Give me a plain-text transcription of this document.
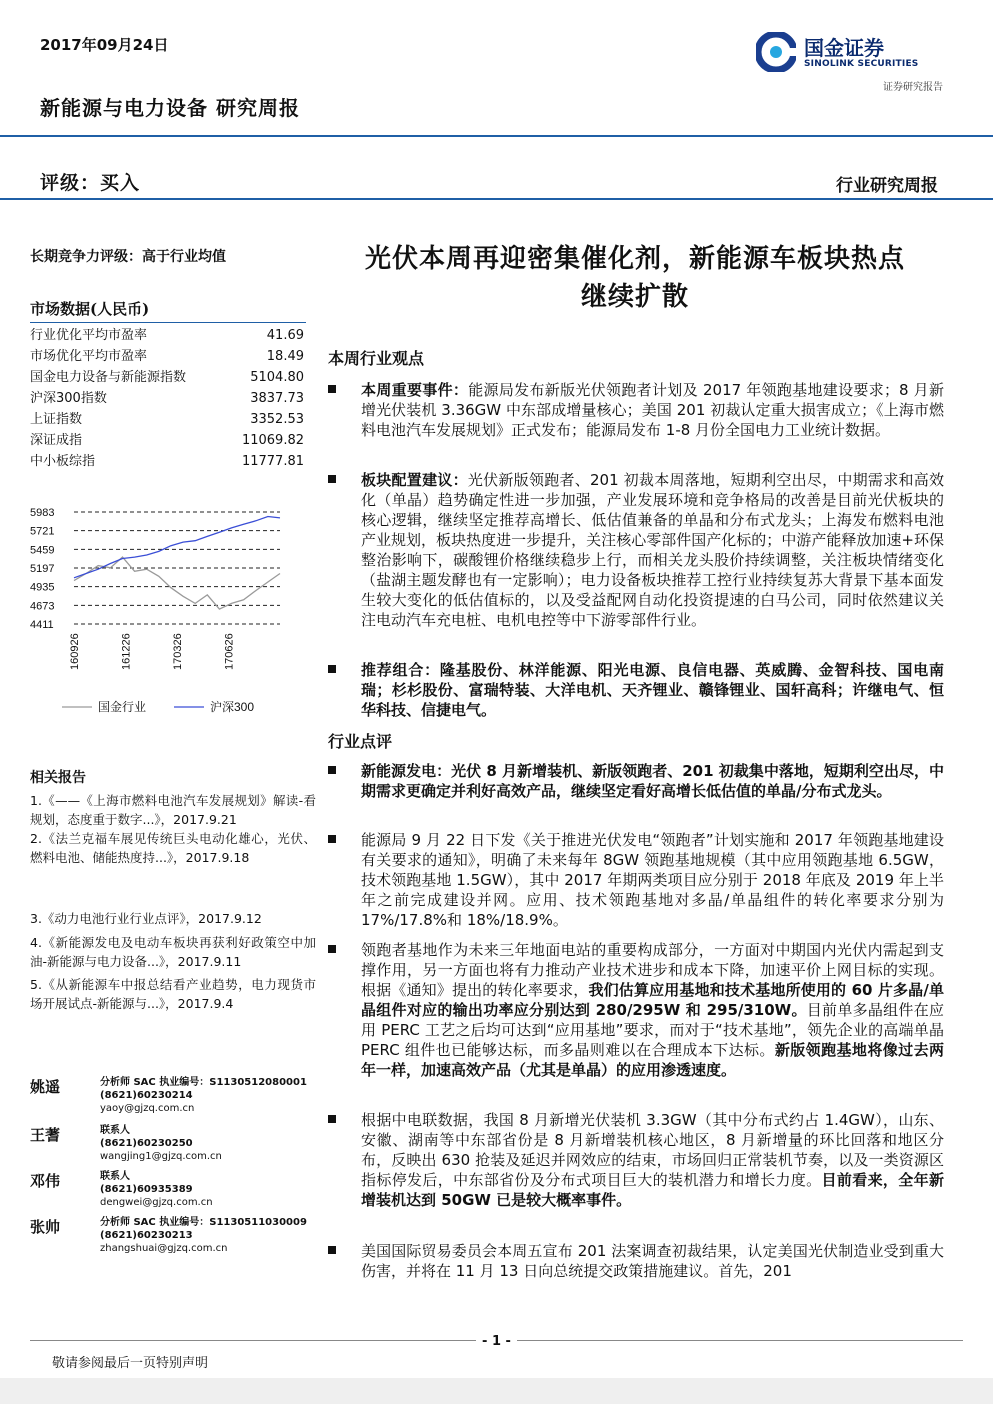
2017年09月24日	国金证券
SINOLINK SECURITIES
证券研究报告
新能源与电力设备 研究周报
评级：买入	行业研究周报
长期竞争力评级：高于行业均值
市场数据(人民币)
行业优化平均市盈率	41.69
市场优化平均市盈率	18.49
国金电力设备与新能源指数	5104.80
沪深300指数	3837.73
上证指数	3352.53
深证成指	11069.82
中小板综指	11777.81
5983
5721
5459
5197
4935
4673
4411
160926	161226	170326	170626
国金行业	沪深300
相关报告
1.《——《上海市燃料电池汽车发展规划》解读-看规划，态度重于数字...》，2017.9.21
2.《法兰克福车展见传统巨头电动化雄心，光伏、燃料电池、储能热度持...》，2017.9.18
3.《动力电池行业行业点评》，2017.9.12
4.《新能源发电及电动车板块再获利好政策空中加油-新能源与电力设备...》，2017.9.11
5.《从新能源车中报总结看产业趋势，电力现货市场开展试点-新能源与...》，2017.9.4
姚遥	分析师 SAC 执业编号：S1130512080001
(8621)60230214
yaoy@gjzq.com.cn
王蓍	联系人
(8621)60230250
wangjing1@gjzq.com.cn
邓伟	联系人
(8621)60935389
dengwei@gjzq.com.cn
张帅	分析师 SAC 执业编号：S1130511030009
(8621)60230213
zhangshuai@gjzq.com.cn
光伏本周再迎密集催化剂，新能源车板块热点
继续扩散
本周行业观点
本周重要事件：能源局发布新版光伏领跑者计划及 2017 年领跑基地建设要求；8 月新增光伏装机 3.36GW 中东部成增量核心；美国 201 初裁认定重大损害成立；《上海市燃料电池汽车发展规划》正式发布；能源局发布 1-8 月份全国电力工业统计数据。
板块配置建议：光伏新版领跑者、201 初裁本周落地，短期利空出尽，中期需求和高效化（单晶）趋势确定性进一步加强，产业发展环境和竞争格局的改善是目前光伏板块的核心逻辑，继续坚定推荐高增长、低估值兼备的单晶和分布式龙头；上海发布燃料电池产业规划，板块热度进一步提升，关注核心零部件国产化标的；中游产能释放加速+环保整治影响下，碳酸锂价格继续稳步上行，而相关龙头股价持续调整，关注板块情绪变化（盐湖主题发酵也有一定影响）；电力设备板块推荐工控行业持续复苏大背景下基本面发生较大变化的低估值标的，以及受益配网自动化投资提速的白马公司，同时依然建议关注电动汽车充电桩、电机电控等中下游零部件行业。
推荐组合：隆基股份、林洋能源、阳光电源、良信电器、英威腾、金智科技、国电南瑞；杉杉股份、富瑞特装、大洋电机、天齐锂业、赣锋锂业、国轩高科；许继电气、恒华科技、信捷电气。
行业点评
新能源发电：光伏 8 月新增装机、新版领跑者、201 初裁集中落地，短期利空出尽，中期需求更确定并利好高效产品，继续坚定看好高增长低估值的单晶/分布式龙头。
能源局 9 月 22 日下发《关于推进光伏发电“领跑者”计划实施和 2017 年领跑基地建设有关要求的通知》，明确了未来每年 8GW 领跑基地规模（其中应用领跑基地 6.5GW，技术领跑基地 1.5GW），其中 2017 年期两类项目应分别于 2018 年底及 2019 年上半年之前完成建设并网。应用、技术领跑基地对多晶/单晶组件的转化率要求分别为 17%/17.8%和 18%/18.9%。
领跑者基地作为未来三年地面电站的重要构成部分，一方面对中期国内光伏内需起到支撑作用，另一方面也将有力推动产业技术进步和成本下降，加速平价上网目标的实现。根据《通知》提出的转化率要求，我们估算应用基地和技术基地所使用的 60 片多晶/单晶组件对应的输出功率应分别达到 280/295W 和 295/310W。目前单多晶组件在应用 PERC 工艺之后均可达到“应用基地”要求，而对于“技术基地”，领先企业的高端单晶 PERC 组件也已能够达标，而多晶则难以在合理成本下达标。新版领跑基地将像过去两年一样，加速高效产品（尤其是单晶）的应用渗透速度。
根据中电联数据，我国 8 月新增光伏装机 3.3GW（其中分布式约占 1.4GW），山东、安徽、湖南等中东部省份是 8 月新增装机核心地区，8 月新增量的环比回落和地区分布，反映出 630 抢装及延迟并网效应的结束，市场回归正常装机节奏，以及一类资源区指标停发后，中东部省份及分布式项目巨大的装机潜力和增长力度。目前看来，全年新增装机达到 50GW 已是较大概率事件。
美国国际贸易委员会本周五宣布 201 法案调查初裁结果，认定美国光伏制造业受到重大伤害，并将在 11 月 13 日向总统提交政策措施建议。首先，201
- 1 -
敬请参阅最后一页特别声明
